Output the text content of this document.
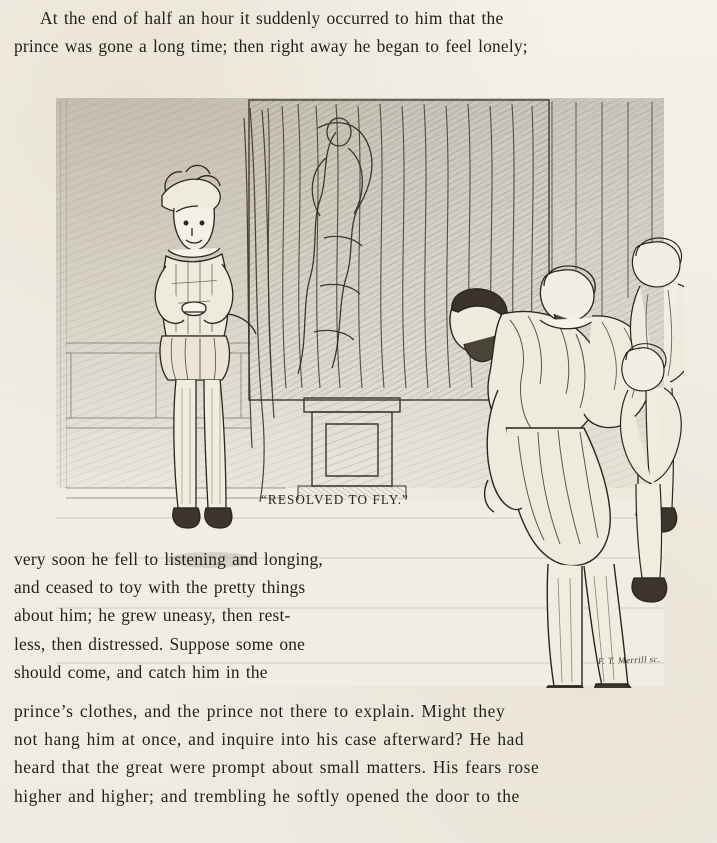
At the end of half an hour it suddenly occurred to him that the
prince was gone a long time; then right away he began to feel lonely;

“RESOLVED TO FLY.”
F. T. Merrill sc.
very soon he fell to listening and longing,
and ceased to toy with the pretty things
about him; he grew uneasy, then rest-
less, then distressed. Suppose some one
should come, and catch him in the
prince’s clothes, and the prince not there to explain. Might they
not hang him at once, and inquire into his case afterward? He had
heard that the great were prompt about small matters. His fears rose
higher and higher; and trembling he softly opened the door to the
